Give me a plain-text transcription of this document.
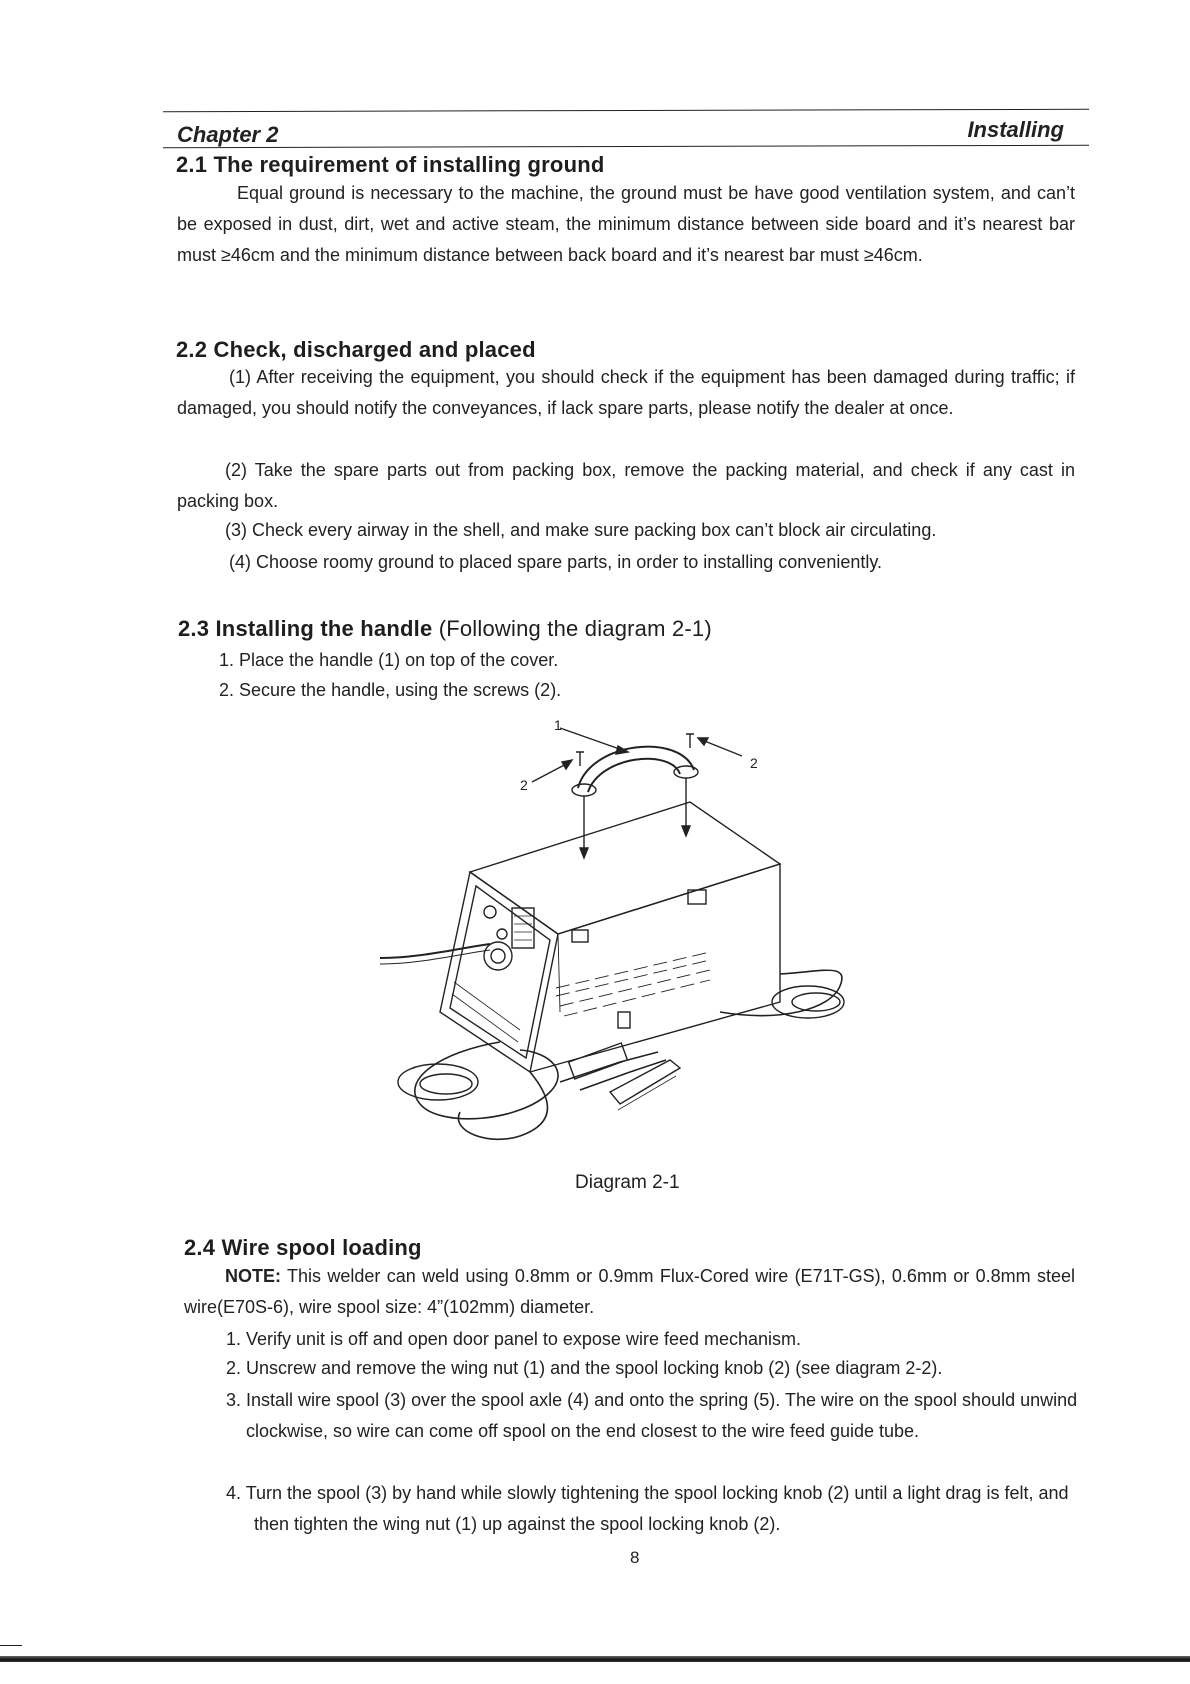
Chapter 2	Installing
2.1 The requirement of installing ground
Equal ground is necessary to the machine, the ground must be have good ventilation system, and can’t be exposed in dust, dirt, wet and active steam, the minimum distance between side board and it’s nearest bar must ≥46cm and the minimum distance between back board and it’s nearest bar must ≥46cm.
2.2 Check, discharged and placed
(1) After receiving the equipment, you should check if the equipment has been damaged during traffic; if damaged, you should notify the conveyances, if lack spare parts, please notify the dealer at once.
(2) Take the spare parts out from packing box, remove the packing material, and check if any cast in packing box.
(3) Check every airway in the shell, and make sure packing box can’t block air circulating.
(4) Choose roomy ground to placed spare parts, in order to installing conveniently.
2.3 Installing the handle (Following the diagram 2-1)
1. Place the handle (1) on top of the cover.
2. Secure the handle, using the screws (2).
1
2
2
Diagram 2-1
2.4 Wire spool loading
NOTE: This welder can weld using 0.8mm or 0.9mm Flux-Cored wire (E71T-GS), 0.6mm or 0.8mm steel wire(E70S-6), wire spool size: 4”(102mm) diameter.
1. Verify unit is off and open door panel to expose wire feed mechanism.
2. Unscrew and remove the wing nut (1) and the spool locking knob (2) (see diagram 2-2).
3. Install wire spool (3) over the spool axle (4) and onto the spring (5). The wire on the spool should unwind clockwise, so wire can come off spool on the end closest to the wire feed guide tube.
4. Turn the spool (3) by hand while slowly tightening the spool locking knob (2) until a light drag is felt, and then tighten the wing nut (1) up against the spool locking knob (2).
8
